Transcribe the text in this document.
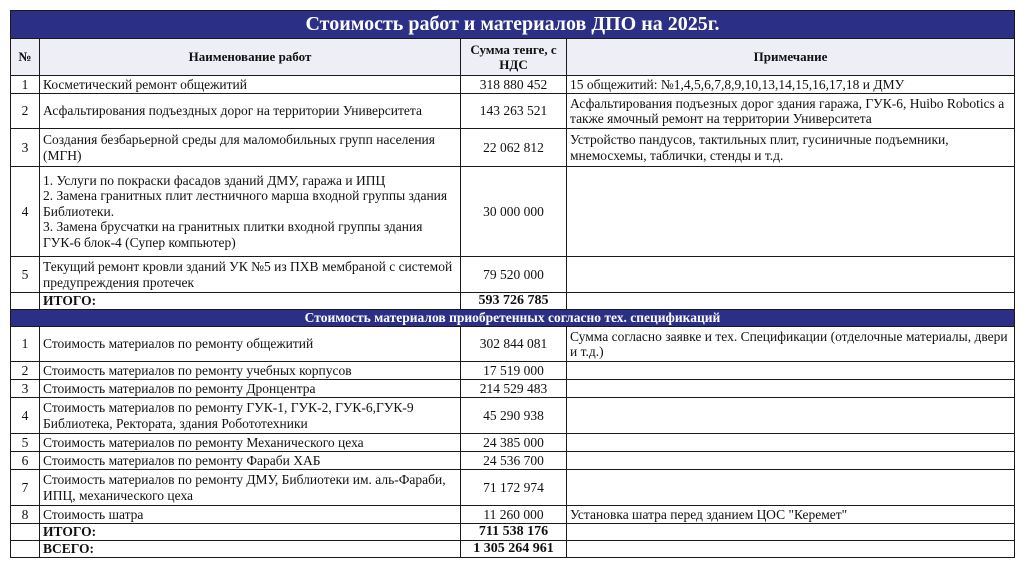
Стоимость работ и материалов ДПО на 2025г.			
№	Наименование работ	Сумма тенге, с НДС	Примечание
1	Косметический ремонт общежитий	318 880 452	15 общежитий: №1,4,5,6,7,8,9,10,13,14,15,16,17,18 и ДМУ
2	Асфальтирования подъездных дорог на территории Университета	143 263 521	Асфальтирования подъезных дорог здания гаража, ГУК-6, Huibo Robotics а также ямочный ремонт на территории Университета
3	Создания безбарьерной среды для маломобильных групп населения (МГН)	22 062 812	Устройство пандусов, тактильных плит, гусиничные подъемники, мнемосхемы, таблички, стенды и т.д.
4	1. Услуги по покраски фасадов зданий ДМУ, гаража и ИПЦ
2. Замена гранитных плит лестничного марша входной группы здания Библиотеки.
3. Замена брусчатки на гранитных плитки входной группы здания ГУК-6 блок-4 (Супер компьютер)	30 000 000	
5	Текущий ремонт кровли зданий УК №5 из ПХВ мембраной с системой предупреждения протечек	79 520 000	
	ИТОГО:	593 726 785	
Стоимость материалов приобретенных согласно тех. спецификаций			
1	Стоимость материалов по ремонту общежитий	302 844 081	Сумма согласно заявке и тех. Спецификации (отделочные материалы, двери и т.д.)
2	Стоимость материалов по ремонту учебных корпусов	17 519 000	
3	Стоимость материалов по ремонту Дронцентра	214 529 483	
4	Стоимость материалов по ремонту ГУК-1, ГУК-2, ГУК-6,ГУК-9 Библиотека, Ректората, здания Робототехники	45 290 938	
5	Стоимость материалов по ремонту Механического цеха	24 385 000	
6	Стоимость материалов по ремонту Фараби ХАБ	24 536 700	
7	Стоимость материалов по ремонту ДМУ, Библиотеки им. аль-Фараби, ИПЦ, механического цеха	71 172 974	
8	Стоимость шатра	11 260 000	Установка шатра перед зданием ЦОС "Керемет"
	ИТОГО:	711 538 176	
	ВСЕГО:	1 305 264 961	
